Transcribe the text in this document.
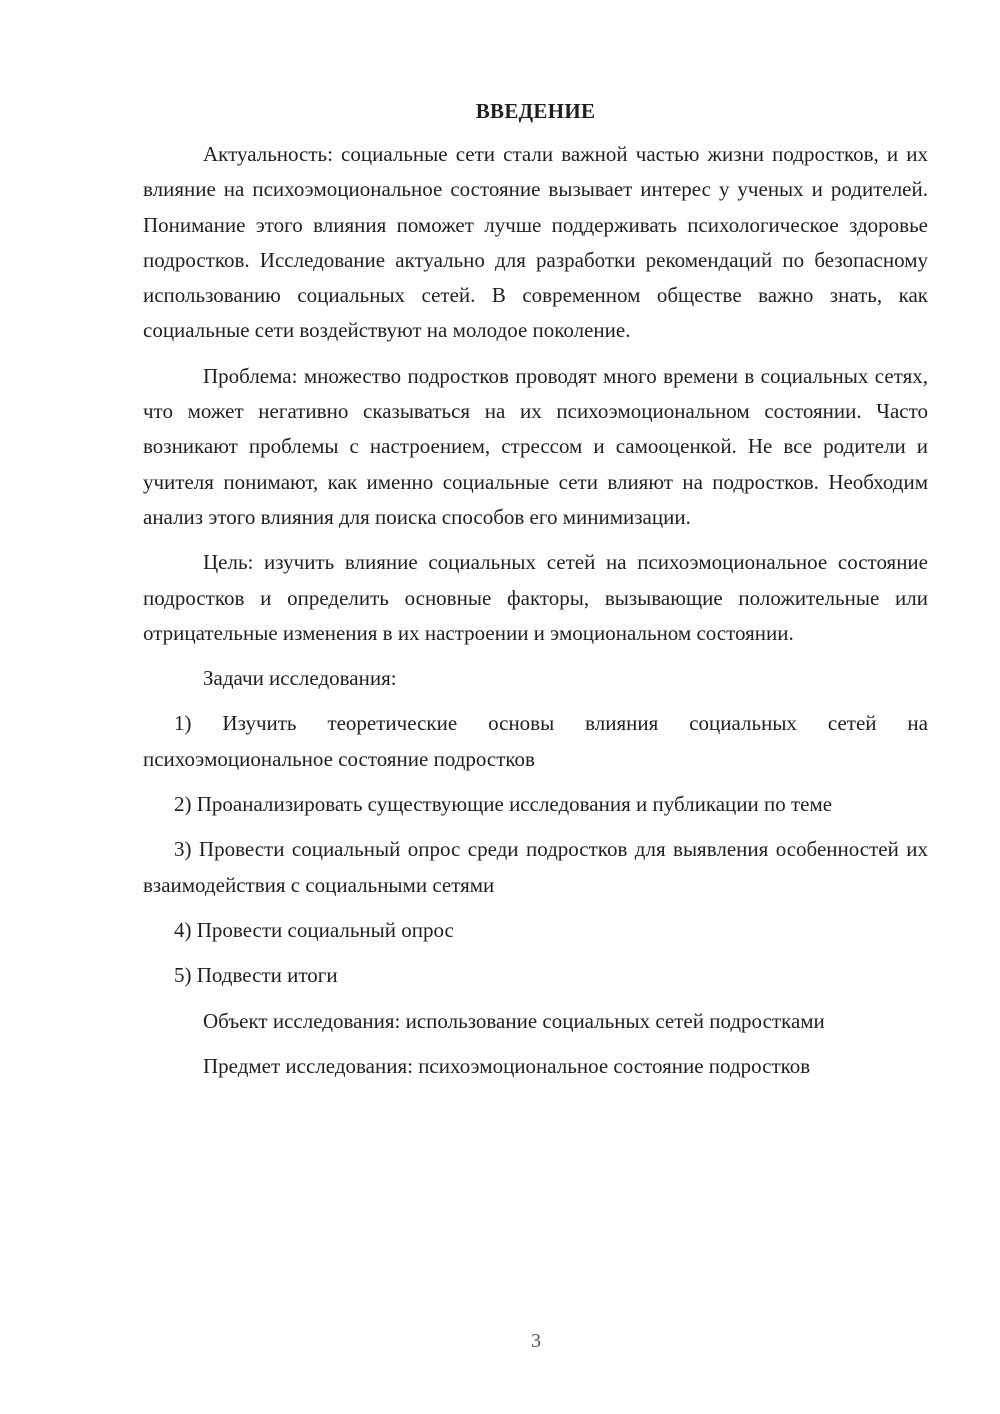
ВВЕДЕНИЕ

Актуальность: социальные сети стали важной частью жизни подростков, и их влияние на психоэмоциональное состояние вызывает интерес у ученых и родителей. Понимание этого влияния поможет лучше поддерживать психологическое здоровье подростков. Исследование актуально для разработки рекомендаций по безопасному использованию социальных сетей. В современном обществе важно знать, как социальные сети воздействуют на молодое поколение.

Проблема: множество подростков проводят много времени в социальных сетях, что может негативно сказываться на их психоэмоциональном состоянии. Часто возникают проблемы с настроением, стрессом и самооценкой. Не все родители и учителя понимают, как именно социальные сети влияют на подростков. Необходим анализ этого влияния для поиска способов его минимизации.

Цель: изучить влияние социальных сетей на психоэмоциональное состояние подростков и определить основные факторы, вызывающие положительные или отрицательные изменения в их настроении и эмоциональном состоянии.

Задачи исследования:

1) Изучить теоретические основы влияния социальных сетей на психоэмоциональное состояние подростков

2) Проанализировать существующие исследования и публикации по теме

3) Провести социальный опрос среди подростков для выявления особенностей их взаимодействия с социальными сетями

4) Провести социальный опрос

5) Подвести итоги

Объект исследования: использование социальных сетей подростками

Предмет исследования: психоэмоциональное состояние подростков

3
